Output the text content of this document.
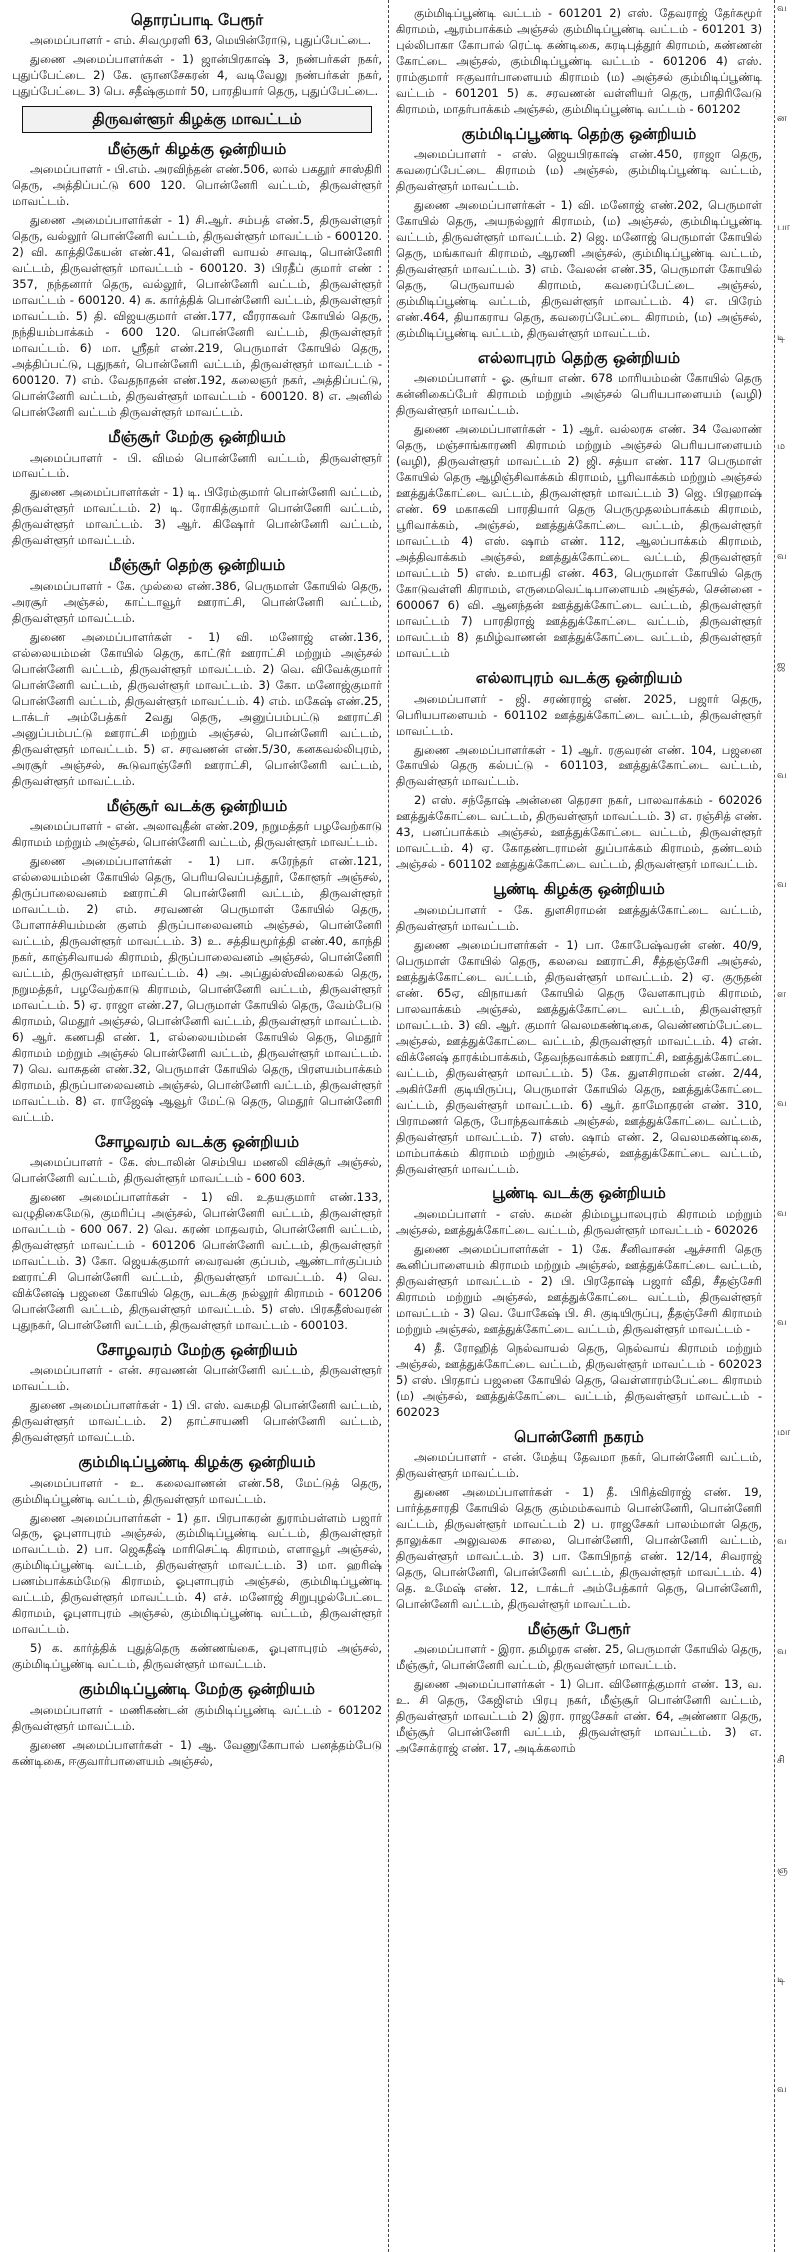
தொரப்பாடி பேரூர்

அமைப்பாளர் - எம். சிவமுரளி 63, மெயின்ரோடு, புதுப்பேட்டை.

துணை அமைப்பாளர்கள் - 1) ஜான்பிரகாஷ் 3, நண்பர்கள் நகர், புதுப்பேட்டை 2) கே. ஞானசேகரன் 4, வடிவேலு நண்பர்கள் நகர், புதுப்பேட்டை 3) பெ. சதீஷ்குமார் 50, பாரதியார் தெரு, புதுப்பேட்டை.

திருவள்ளூர் கிழக்கு மாவட்டம்
மீஞ்சூர் கிழக்கு ஒன்றியம்

அமைப்பாளர் - பி.எம். அரவிந்தன் எண்.506, லால் பகதூர் சாஸ்திரி தெரு, அத்திப்பட்டு 600 120. பொன்னேரி வட்டம், திருவள்ளூர் மாவட்டம்.

துணை அமைப்பாளர்கள் - 1) சி.ஆர். சம்பத் எண்.5, திருவள்ளுர் தெரு, வல்லூர் பொன்னேரி வட்டம், திருவள்ளூர் மாவட்டம் - 600120. 2) வி. காத்திகேயன் எண்.41, வெள்ளி வாயல் சாவடி, பொன்னேரி வட்டம், திருவள்ளூர் மாவட்டம் - 600120. 3) பிரதீப் குமார் எண் : 357, நந்தனார் தெரு, வல்லூர், பொன்னேரி வட்டம், திருவள்ளூர் மாவட்டம் - 600120. 4) சு. கார்த்திக் பொன்னேரி வட்டம், திருவள்ளூர் மாவட்டம். 5) தி. விஜயகுமார் எண்.177, வீரராகவர் கோயில் தெரு, நந்தியம்பாக்கம் - 600 120. பொன்னேரி வட்டம், திருவள்ளூர் மாவட்டம். 6) மா. ஸ்ரீதர் எண்.219, பெருமாள் கோயில் தெரு, அத்திப்பட்டு, புதுநகர், பொன்னேரி வட்டம், திருவள்ளூர் மாவட்டம் - 600120. 7) எம். வேதநாதன் எண்.192, கலைஞர் நகர், அத்திப்பட்டு, பொன்னேரி வட்டம், திருவள்ளூர் மாவட்டம் - 600120. 8) எ. அனில் பொன்னேரி வட்டம் திருவள்ளூர் மாவட்டம்.

மீஞ்சூர் மேற்கு ஒன்றியம்

அமைப்பாளர் - பி. விமல் பொன்னேரி வட்டம், திருவள்ளூர் மாவட்டம்.

துணை அமைப்பாளர்கள் - 1) டி. பிரேம்குமார் பொன்னேரி வட்டம், திருவள்ளூர் மாவட்டம். 2) டி. ரோகித்குமார் பொன்னேரி வட்டம், திருவள்ளூர் மாவட்டம். 3) ஆர். கிஷோர் பொன்னேரி வட்டம், திருவள்ளூர் மாவட்டம்.

மீஞ்சூர் தெற்கு ஒன்றியம்

அமைப்பாளர் - கே. முல்லை எண்.386, பெருமாள் கோயில் தெரு, அரசூர் அஞ்சல், காட்டாவூர் ஊராட்சி, பொன்னேரி வட்டம், திருவள்ளூர் மாவட்டம்.

துணை அமைப்பாளர்கள் - 1) வி. மனோஜ் எண்.136, எல்லையம்மன் கோயில் தெரு, காட்டூர் ஊராட்சி மற்றும் அஞ்சல் பொன்னேரி வட்டம், திருவள்ளூர் மாவட்டம். 2) வெ. விவேக்குமார் பொன்னேரி வட்டம், திருவள்ளூர் மாவட்டம். 3) கோ. மனோஜ்குமார் பொன்னேரி வட்டம், திருவள்ளூர் மாவட்டம். 4) எம். மகேஷ் எண்.25, டாக்டர் அம்பேத்கர் 2வது தெரு, அனுப்பம்பட்டு ஊராட்சி அனுப்பம்பட்டு ஊராட்சி மற்றும் அஞ்சல், பொன்னேரி வட்டம், திருவள்ளூர் மாவட்டம். 5) எ. சரவணன் எண்.5/30, கனகவல்லிபுரம், அரசூர் அஞ்சல், கூடுவாஞ்சேரி ஊராட்சி, பொன்னேரி வட்டம், திருவள்ளூர் மாவட்டம்.

மீஞ்சூர் வடக்கு ஒன்றியம்

அமைப்பாளர் - என். அலாவுதீன் எண்.209, நறுமத்தர் பழவேற்காடு கிராமம் மற்றும் அஞ்சல், பொன்னேரி வட்டம், திருவள்ளூர் மாவட்டம்.

துணை அமைப்பாளர்கள் - 1) பா. சுரேந்தர் எண்.121, எல்லையம்மன் கோயில் தெரு, பெரியவெப்பத்தூர், கோளூர் அஞ்சல், திருப்பாலைவனம் ஊராட்சி பொன்னேரி வட்டம், திருவள்ளூர் மாவட்டம். 2) எம். சரவணன் பெருமாள் கோயில் தெரு, போளாச்சியம்மன் குளம் திருப்பாலைவனம் அஞ்சல், பொன்னேரி வட்டம், திருவள்ளூர் மாவட்டம். 3) உ. சத்தியமூர்த்தி எண்.40, காந்தி நகர், காஞ்சிவாயல் கிராமம், திருப்பாலைவனம் அஞ்சல், பொன்னேரி வட்டம், திருவள்ளூர் மாவட்டம். 4) அ. அப்துல்ஸ்விலைகல் தெரு, நறுமத்தர், பழவேற்காடு கிராமம், பொன்னேரி வட்டம், திருவள்ளூர் மாவட்டம். 5) ஏ. ராஜா எண்.27, பெருமாள் கோயில் தெரு, வேம்பேடு கிராமம், மெதூர் அஞ்சல், பொன்னேரி வட்டம், திருவள்ளூர் மாவட்டம். 6) ஆர். கணபதி எண். 1, எல்லையம்மன் கோயில் தெரு, மெதூர் கிராமம் மற்றும் அஞ்சல் பொன்னேரி வட்டம், திருவள்ளூர் மாவட்டம். 7) வெ. வாசுதன் எண்.32, பெருமாள் கோயில் தெரு, பிரளயம்பாக்கம் கிராமம், திருப்பாலைவனம் அஞ்சல், பொன்னேரி வட்டம், திருவள்ளூர் மாவட்டம். 8) எ. ராஜேஷ் ஆவூர் மேட்டு தெரு, மெதூர் பொன்னேரி வட்டம்.

சோழவரம் வடக்கு ஒன்றியம்

அமைப்பாளர் - கே. ஸ்டாலின் செம்பிய மணலி விச்சூர் அஞ்சல், பொன்னேரி வட்டம், திருவள்ளூர் மாவட்டம் - 600 603.

துணை அமைப்பாளர்கள் - 1) வி. உதயகுமார் எண்.133, வழுதிகைமேடு, குமரிப்பு அஞ்சல், பொன்னேரி வட்டம், திருவள்ளூர் மாவட்டம் - 600 067. 2) வெ. கரண் மாதவரம், பொன்னேரி வட்டம், திருவள்ளூர் மாவட்டம் - 601206 பொன்னேரி வட்டம், திருவள்ளூர் மாவட்டம். 3) கோ. ஜெயக்குமார் வைரவன் குப்பம், ஆண்டார்குப்பம் ஊராட்சி பொன்னேரி வட்டம், திருவள்ளூர் மாவட்டம். 4) வெ. விக்னேஷ் பஜனை கோயில் தெரு, வடக்கு நல்லூர் கிராமம் - 601206 பொன்னேரி வட்டம், திருவள்ளூர் மாவட்டம். 5) எஸ். பிரகதீஸ்வரன் புதுநகர், பொன்னேரி வட்டம், திருவள்ளூர் மாவட்டம் - 600103.

சோழவரம் மேற்கு ஒன்றியம்

அமைப்பாளர் - என். சரவணன் பொன்னேரி வட்டம், திருவள்ளூர் மாவட்டம்.

துணை அமைப்பாளர்கள் - 1) பி. எஸ். வசுமதி பொன்னேரி வட்டம், திருவள்ளூர் மாவட்டம். 2) தாட்சாயணி பொன்னேரி வட்டம், திருவள்ளூர் மாவட்டம்.

கும்மிடிப்பூண்டி கிழக்கு ஒன்றியம்

அமைப்பாளர் - உ. கலைவாணன் எண்.58, மேட்டுத் தெரு, கும்மிடிப்பூண்டி வட்டம், திருவள்ளூர் மாவட்டம்.

துணை அமைப்பாளர்கள் - 1) தா. பிரபாகரன் துராம்பள்ளம் பஜார் தெரு, ஓபுளாபுரம் அஞ்சல், கும்மிடிப்பூண்டி வட்டம், திருவள்ளூர் மாவட்டம். 2) பா. ஜெகதீஷ் மாரிசெட்டி கிராமம், எளாவூர் அஞ்சல், கும்மிடிப்பூண்டி வட்டம், திருவள்ளூர் மாவட்டம். 3) மா. ஹரிஷ் பணம்பாக்கம்மேடு கிராமம், ஓபுளாபுரம் அஞ்சல், கும்மிடிப்பூண்டி வட்டம், திருவள்ளூர் மாவட்டம். 4) எச். மனோஜ் சிறுபுழல்பேட்டை கிராமம், ஓபுளாபுரம் அஞ்சல், கும்மிடிப்பூண்டி வட்டம், திருவள்ளூர் மாவட்டம்.

5) க. கார்த்திக் புதுத்தெரு கண்ணங்கை, ஓபுளாபுரம் அஞ்சல், கும்மிடிப்பூண்டி வட்டம், திருவள்ளூர் மாவட்டம்.

கும்மிடிப்பூண்டி மேற்கு ஒன்றியம்

அமைப்பாளர் - மணிகண்டன் கும்மிடிப்பூண்டி வட்டம் - 601202 திருவள்ளூர் மாவட்டம்.

துணை அமைப்பாளர்கள் - 1) ஆ. வேணுகோபால் பனத்தம்பேடு கண்டிகை, ஈகுவார்பாளையம் அஞ்சல்,

கும்மிடிப்பூண்டி வட்டம் - 601201 2) எஸ். தேவராஜ் தேர்கமூர் கிராமம், ஆரம்பாக்கம் அஞ்சல் கும்மிடிப்பூண்டி வட்டம் - 601201 3) புல்லிபாகா கோபால் ரெட்டி கண்டிகை, கரடிபுத்தூர் கிராமம், கண்ணன் கோட்டை அஞ்சல், கும்மிடிப்பூண்டி வட்டம் - 601206 4) எஸ். ராம்குமார் ஈகுவார்பாளையம் கிராமம் (ம) அஞ்சல் கும்மிடிப்பூண்டி வட்டம் - 601201 5) க. சரவணன் வள்ளியர் தெரு, பாதிரிவேடு கிராமம், மாதர்பாக்கம் அஞ்சல், கும்மிடிப்பூண்டி வட்டம் - 601202

கும்மிடிப்பூண்டி தெற்கு ஒன்றியம்

அமைப்பாளர் - எஸ். ஜெயபிரகாஷ் எண்.450, ராஜா தெரு, கவரைப்பேட்டை கிராமம் (ம) அஞ்சல், கும்மிடிப்பூண்டி வட்டம், திருவள்ளூர் மாவட்டம்.

துணை அமைப்பாளர்கள் - 1) வி. மனோஜ் எண்.202, பெருமாள் கோயில் தெரு, அயநல்லூர் கிராமம், (ம) அஞ்சல், கும்மிடிப்பூண்டி வட்டம், திருவள்ளூர் மாவட்டம். 2) ஜெ. மனோஜ் பெருமாள் கோயில் தெரு, மங்காவர் கிராமம், ஆரணி அஞ்சல், கும்மிடிப்பூண்டி வட்டம், திருவள்ளூர் மாவட்டம். 3) எம். வேலன் எண்.35, பெருமாள் கோயில் தெரு, பெருவாயல் கிராமம், கவரைப்பேட்டை அஞ்சல், கும்மிடிப்பூண்டி வட்டம், திருவள்ளூர் மாவட்டம். 4) எ. பிரேம் எண்.464, தியாகராய தெரு, கவரைப்பேட்டை கிராமம், (ம) அஞ்சல், கும்மிடிப்பூண்டி வட்டம், திருவள்ளூர் மாவட்டம்.

எல்லாபுரம் தெற்கு ஒன்றியம்

அமைப்பாளர் - ஓ. சூர்யா எண். 678 மாரியம்மன் கோயில் தெரு கன்னிகைப்பேர் கிராமம் மற்றும் அஞ்சல் பெரியபாளையம் (வழி) திருவள்ளூர் மாவட்டம்.

துணை அமைப்பாளர்கள் - 1) ஆர். வல்லரசு எண். 34 வேலாண் தெரு, மஞ்சாங்காரணி கிராமம் மற்றும் அஞ்சல் பெரியபாளையம் (வழி), திருவள்ளூர் மாவட்டம் 2) ஜி. சத்யா எண். 117 பெருமாள் கோயில் தெரு ஆழிஞ்சிவாக்கம் கிராமம், பூரிவாக்கம் மற்றும் அஞ்சல் ஊத்துக்கோட்டை வட்டம், திருவள்ளூர் மாவட்டம் 3) ஜெ. பிரஹாஷ் எண். 69 மகாகவி பாரதியார் தெரு பெருமுதலம்பாக்கம் கிராமம், பூரிவாக்கம், அஞ்சல், ஊத்துக்கோட்டை வட்டம், திருவள்ளூர் மாவட்டம் 4) எஸ். ஷாம் எண். 112, ஆலப்பாக்கம் கிராமம், அத்திவாக்கம் அஞ்சல், ஊத்துக்கோட்டை வட்டம், திருவள்ளூர் மாவட்டம் 5) எஸ். உமாபதி எண். 463, பெருமாள் கோயில் தெரு கோடுவள்ளி கிராமம், எருமைவெட்டிபாளையம் அஞ்சல், சென்னை - 600067 6) வி. ஆனந்தன் ஊத்துக்கோட்டை வட்டம், திருவள்ளூர் மாவட்டம் 7) பாரதிராஜ் ஊத்துக்கோட்டை வட்டம், திருவள்ளூர் மாவட்டம் 8) தமிழ்வாணன் ஊத்துக்கோட்டை வட்டம், திருவள்ளூர் மாவட்டம்

எல்லாபுரம் வடக்கு ஒன்றியம்

அமைப்பாளர் - ஜி. சரண்ராஜ் எண். 2025, பஜார் தெரு, பெரியபாளையம் - 601102 ஊத்துக்கோட்டை வட்டம், திருவள்ளூர் மாவட்டம்.

துணை அமைப்பாளர்கள் - 1) ஆர். ரகுவரன் எண். 104, பஜனை கோயில் தெரு கல்பட்டு - 601103, ஊத்துக்கோட்டை வட்டம், திருவள்ளூர் மாவட்டம்.

2) எஸ். சந்தோஷ் அன்னை தெரசா நகர், பாலவாக்கம் - 602026 ஊத்துக்கோட்டை வட்டம், திருவள்ளூர் மாவட்டம். 3) எ. ரஞ்சித் எண். 43, பனப்பாக்கம் அஞ்சல், ஊத்துக்கோட்டை வட்டம், திருவள்ளூர் மாவட்டம். 4) ஏ. கோதண்டராமன் துப்பாக்கம் கிராமம், தண்டலம் அஞ்சல் - 601102 ஊத்துக்கோட்டை வட்டம், திருவள்ளூர் மாவட்டம்.

பூண்டி கிழக்கு ஒன்றியம்

அமைப்பாளர் - கே. துளசிராமன் ஊத்துக்கோட்டை வட்டம், திருவள்ளூர் மாவட்டம்.

துணை அமைப்பாளர்கள் - 1) பா. கோபேஷ்வரன் எண். 40/9, பெருமாள் கோயில் தெரு, கலவை ஊராட்சி, சீத்தஞ்சேரி அஞ்சல், ஊத்துக்கோட்டை வட்டம், திருவள்ளூர் மாவட்டம். 2) ஏ. குருதன் எண். 65ஏ, விநாயகர் கோயில் தெரு வேளகாபுரம் கிராமம், பாலவாக்கம் அஞ்சல், ஊத்துக்கோட்டை வட்டம், திருவள்ளூர் மாவட்டம். 3) வி. ஆர். குமார் வெலமகண்டிகை, வெண்ணம்பேட்டை அஞ்சல், ஊத்துக்கோட்டை வட்டம், திருவள்ளூர் மாவட்டம். 4) என். விக்னேஷ் தாரக்ம்பாக்கம், தேவந்தவாக்கம் ஊராட்சி, ஊத்துக்கோட்டை வட்டம், திருவள்ளூர் மாவட்டம். 5) கே. துளசிராமன் எண். 2/44, அகிர்சேரி குடியிருப்பு, பெருமாள் கோயில் தெரு, ஊத்துக்கோட்டை வட்டம், திருவள்ளூர் மாவட்டம். 6) ஆர். தாமோதரன் எண். 310, பிராமணர் தெரு, போந்தவாக்கம் அஞ்சல், ஊத்துக்கோட்டை வட்டம், திருவள்ளூர் மாவட்டம். 7) எஸ். ஷாம் எண். 2, வெலமகண்டிகை, மாம்பாக்கம் கிராமம் மற்றும் அஞ்சல், ஊத்துக்கோட்டை வட்டம், திருவள்ளூர் மாவட்டம்.

பூண்டி வடக்கு ஒன்றியம்

அமைப்பாளர் - எஸ். சுமன் திம்மபூபாலபுரம் கிராமம் மற்றும் அஞ்சல், ஊத்துக்கோட்டை வட்டம், திருவள்ளூர் மாவட்டம் - 602026

துணை அமைப்பாளர்கள் - 1) கே. சீனிவாசன் ஆச்சாரி தெரு கூனிப்பாளையம் கிராமம் மற்றும் அஞ்சல், ஊத்துக்கோட்டை வட்டம், திருவள்ளூர் மாவட்டம் - 2) பி. பிரதோஷ் பஜார் வீதி, சீதஞ்சேரி கிராமம் மற்றும் அஞ்சல், ஊத்துக்கோட்டை வட்டம், திருவள்ளூர் மாவட்டம் - 3) வெ. யோகேஷ் பி. சி. குடியிருப்பு, தீதஞ்சேரி கிராமம் மற்றும் அஞ்சல், ஊத்துக்கோட்டை வட்டம், திருவள்ளூர் மாவட்டம் -

4) தீ. ரோஹித் நெல்வாயல் தெரு, நெல்வாய் கிராமம் மற்றும் அஞ்சல், ஊத்துக்கோட்டை வட்டம், திருவள்ளூர் மாவட்டம் - 602023 5) எஸ். பிரதாப் பஜனை கோயில் தெரு, வெள்ளாரம்பேட்டை கிராமம் (ம) அஞ்சல், ஊத்துக்கோட்டை வட்டம், திருவள்ளூர் மாவட்டம் - 602023

பொன்னேரி நகரம்

அமைப்பாளர் - என். மேத்யு தேவமா நகர், பொன்னேரி வட்டம், திருவள்ளூர் மாவட்டம்.

துணை அமைப்பாளர்கள் - 1) தீ. பிரித்விராஜ் எண். 19, பார்த்தசாரதி கோயில் தெரு கும்மம்சுவாம் பொன்னேரி, பொன்னேரி வட்டம், திருவள்ளூர் மாவட்டம் 2) ப. ராஜசேகர் பாலம்மாள் தெரு, தாலுக்கா அலுவலக சாலை, பொன்னேரி, பொன்னேரி வட்டம், திருவள்ளூர் மாவட்டம். 3) பா. கோபிநாத் எண். 12/14, சிவராஜ் தெரு, பொன்னேரி, பொன்னேரி வட்டம், திருவள்ளூர் மாவட்டம். 4) தெ. உமேஷ் எண். 12, டாக்டர் அம்பேத்கார் தெரு, பொன்னேரி, பொன்னேரி வட்டம், திருவள்ளூர் மாவட்டம்.

மீஞ்சூர் பேரூர்

அமைப்பாளர் - இரா. தமிழரசு எண். 25, பெருமாள் கோயில் தெரு, மீஞ்சூர், பொன்னேரி வட்டம், திருவள்ளூர் மாவட்டம்.

துணை அமைப்பாளர்கள் - 1) பொ. வினோத்குமார் எண். 13, வ. உ. சி தெரு, கேஜிஎம் பிரபு நகர், மீஞ்சூர் பொன்னேரி வட்டம், திருவள்ளூர் மாவட்டம் 2) இரா. ராஜசேகர் எண். 64, அண்ணா தெரு, மீஞ்சூர் பொன்னேரி வட்டம், திருவள்ளூர் மாவட்டம். 3) எ. அசோக்ராஜ் எண். 17, அடிக்கலாம்

வ
ன
பா
டி
ம
வ
ஜ
வ
வ
ள
வ
வ
வ
மா
வ
வ
சி
ஞ
டி
வ
